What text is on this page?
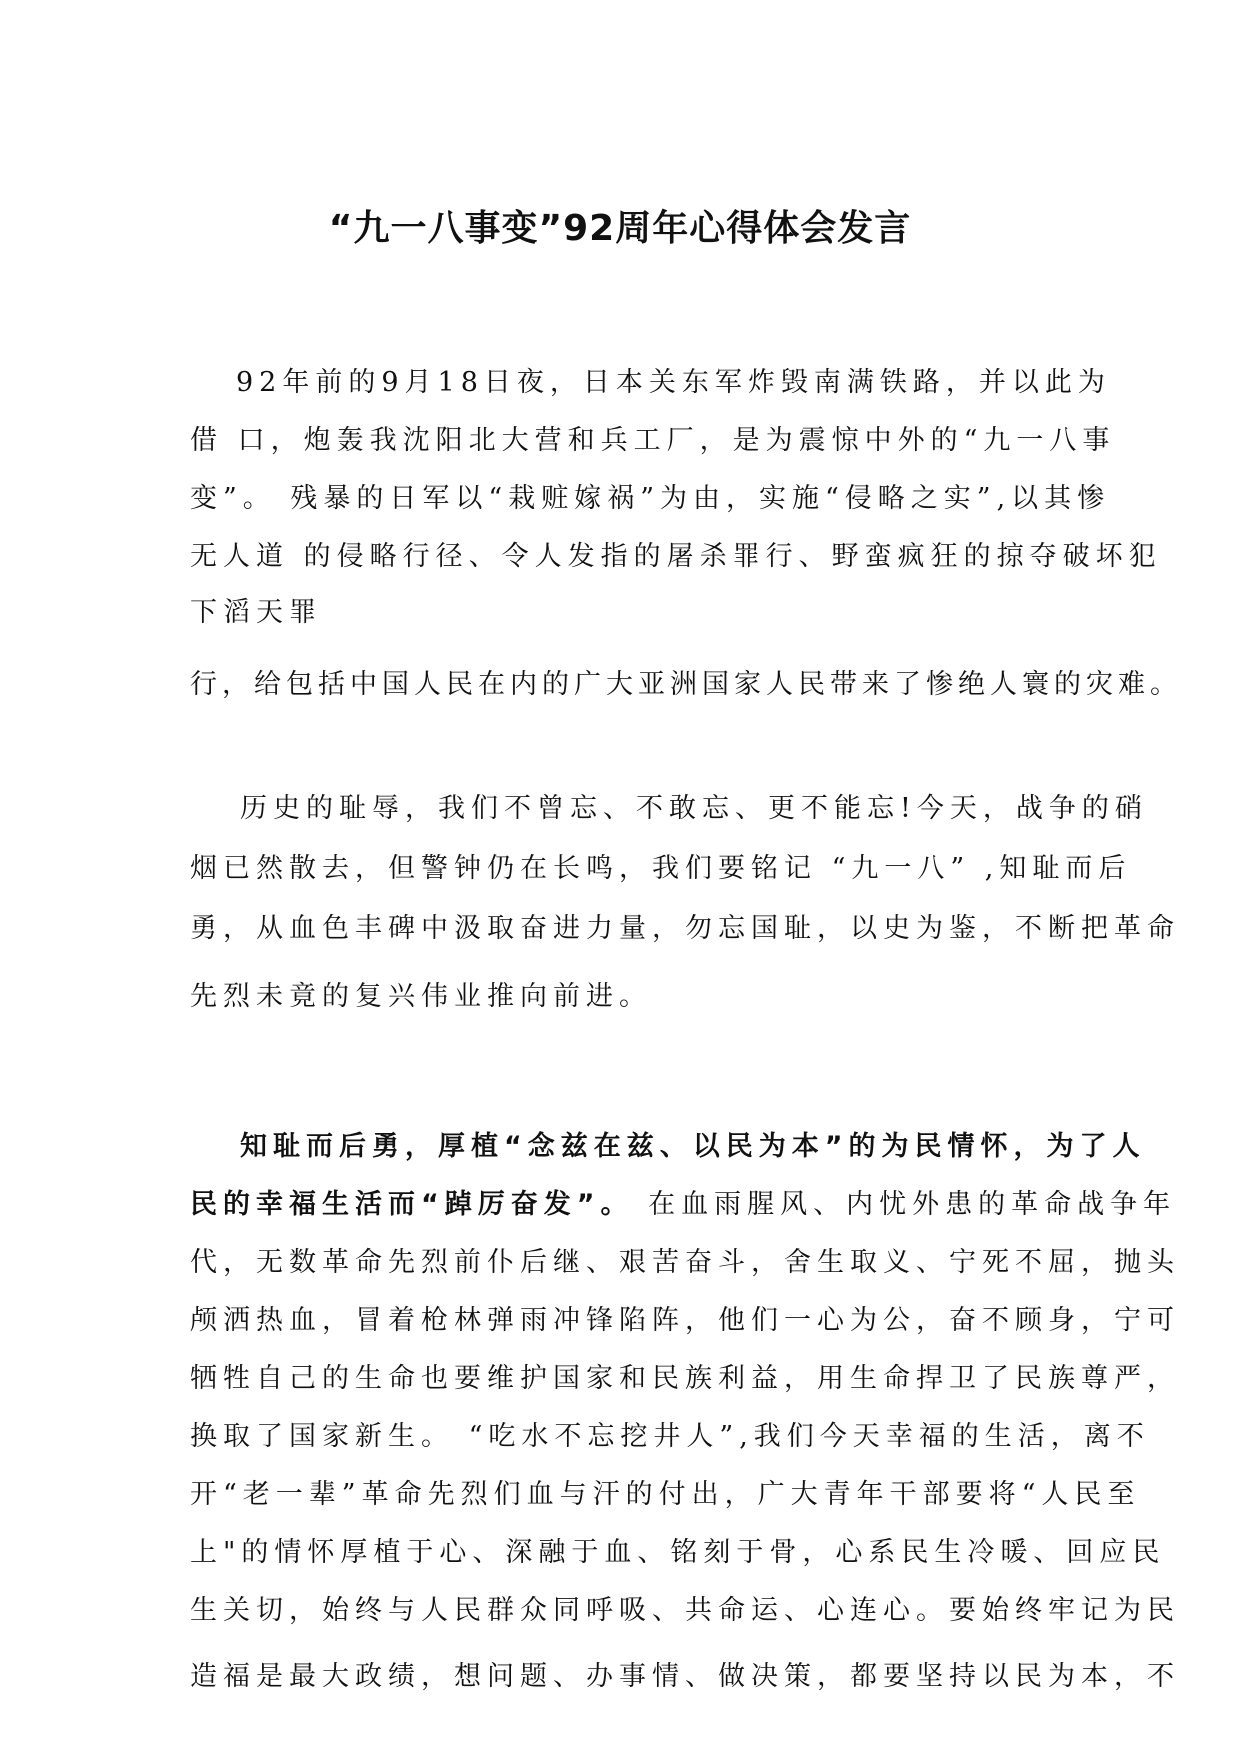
“九一八事变”92周年心得体会发言
92年前的9月18日夜，日本关东军炸毁南满铁路，并以此为
借 口，炮轰我沈阳北大营和兵工厂，是为震惊中外的“九一八事
变”。 残暴的日军以“栽赃嫁祸”为由，实施“侵略之实”,以其惨
无人道 的侵略行径、令人发指的屠杀罪行、野蛮疯狂的掠夺破坏犯
下滔天罪
行，给包括中国人民在内的广大亚洲国家人民带来了惨绝人寰的灾难。
历史的耻辱，我们不曾忘、不敢忘、更不能忘!今天，战争的硝
烟已然散去，但警钟仍在长鸣，我们要铭记 “九一八” ,知耻而后
勇，从血色丰碑中汲取奋进力量，勿忘国耻，以史为鉴，不断把革命
先烈未竟的复兴伟业推向前进。
知耻而后勇，厚植“念兹在兹、以民为本”的为民情怀，为了人
民的幸福生活而“踔厉奋发”。 在血雨腥风、内忧外患的革命战争年
代，无数革命先烈前仆后继、艰苦奋斗，舍生取义、宁死不屈，抛头
颅洒热血，冒着枪林弹雨冲锋陷阵，他们一心为公，奋不顾身，宁可
牺牲自己的生命也要维护国家和民族利益，用生命捍卫了民族尊严，
换取了国家新生。 “吃水不忘挖井人”,我们今天幸福的生活，离不
开“老一辈”革命先烈们血与汗的付出，广大青年干部要将“人民至
上"的情怀厚植于心、深融于血、铭刻于骨，心系民生冷暖、回应民
生关切，始终与人民群众同呼吸、共命运、心连心。要始终牢记为民
造福是最大政绩，想问题、办事情、做决策，都要坚持以民为本，不
